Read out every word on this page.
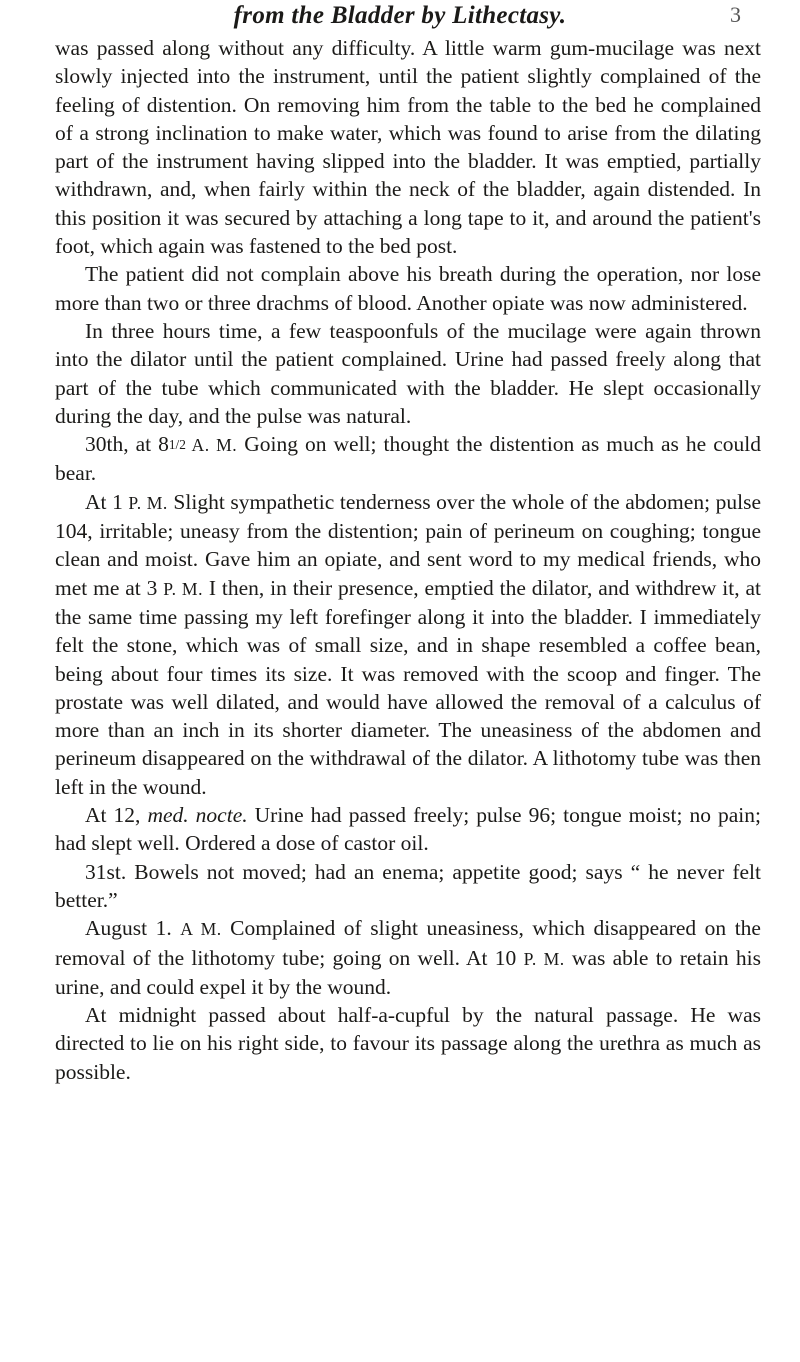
from the Bladder by Lithectasy.	3

was passed along without any difficulty. A little warm gum-mucilage was next slowly injected into the instrument, until the patient slightly complained of the feeling of distention. On removing him from the table to the bed he complained of a strong inclination to make water, which was found to arise from the dilating part of the instrument having slipped into the bladder. It was emptied, partially withdrawn, and, when fairly within the neck of the bladder, again distended. In this position it was secured by attaching a long tape to it, and around the patient's foot, which again was fastened to the bed post.

The patient did not complain above his breath during the operation, nor lose more than two or three drachms of blood. Another opiate was now administered.

In three hours time, a few teaspoonfuls of the mucilage were again thrown into the dilator until the patient complained. Urine had passed freely along that part of the tube which communicated with the bladder. He slept occasionally during the day, and the pulse was natural.

30th, at 81/2 A. M. Going on well; thought the distention as much as he could bear.

At 1 P. M. Slight sympathetic tenderness over the whole of the abdomen; pulse 104, irritable; uneasy from the distention; pain of perineum on coughing; tongue clean and moist. Gave him an opiate, and sent word to my medical friends, who met me at 3 P. M. I then, in their presence, emptied the dilator, and withdrew it, at the same time passing my left forefinger along it into the bladder. I immediately felt the stone, which was of small size, and in shape resembled a coffee bean, being about four times its size. It was removed with the scoop and finger. The prostate was well dilated, and would have allowed the removal of a calculus of more than an inch in its shorter diameter. The uneasiness of the abdomen and perineum disappeared on the withdrawal of the dilator. A lithotomy tube was then left in the wound.

At 12, med. nocte. Urine had passed freely; pulse 96; tongue moist; no pain; had slept well. Ordered a dose of castor oil.

31st. Bowels not moved; had an enema; appetite good; says “ he never felt better.”

August 1. A M. Complained of slight uneasiness, which disappeared on the removal of the lithotomy tube; going on well. At 10 P. M. was able to retain his urine, and could expel it by the wound.

At midnight passed about half-a-cupful by the natural passage. He was directed to lie on his right side, to favour its passage along the urethra as much as possible.
